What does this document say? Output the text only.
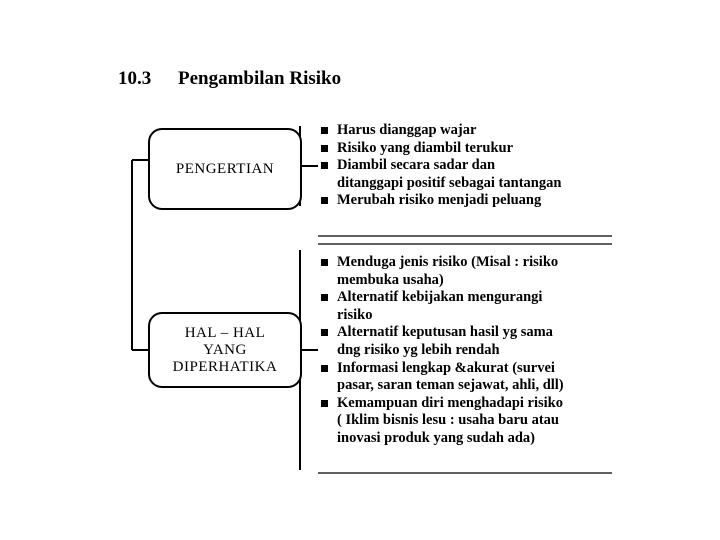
10.3 Pengambilan Risiko
PENGERTIAN
HAL – HAL
YANG
DIPERHATIKA
Harus dianggap wajar
Risiko yang diambil terukur
Diambil secara sadar dan
ditanggapi positif sebagai tantangan
Merubah risiko menjadi peluang
Menduga jenis risiko (Misal : risiko
membuka usaha)
Alternatif kebijakan mengurangi
risiko
Alternatif keputusan hasil yg sama
dng risiko yg lebih rendah
Informasi lengkap &akurat (survei
pasar, saran teman sejawat, ahli, dll)
Kemampuan diri menghadapi risiko
( Iklim bisnis lesu : usaha baru atau
inovasi produk yang sudah ada)
